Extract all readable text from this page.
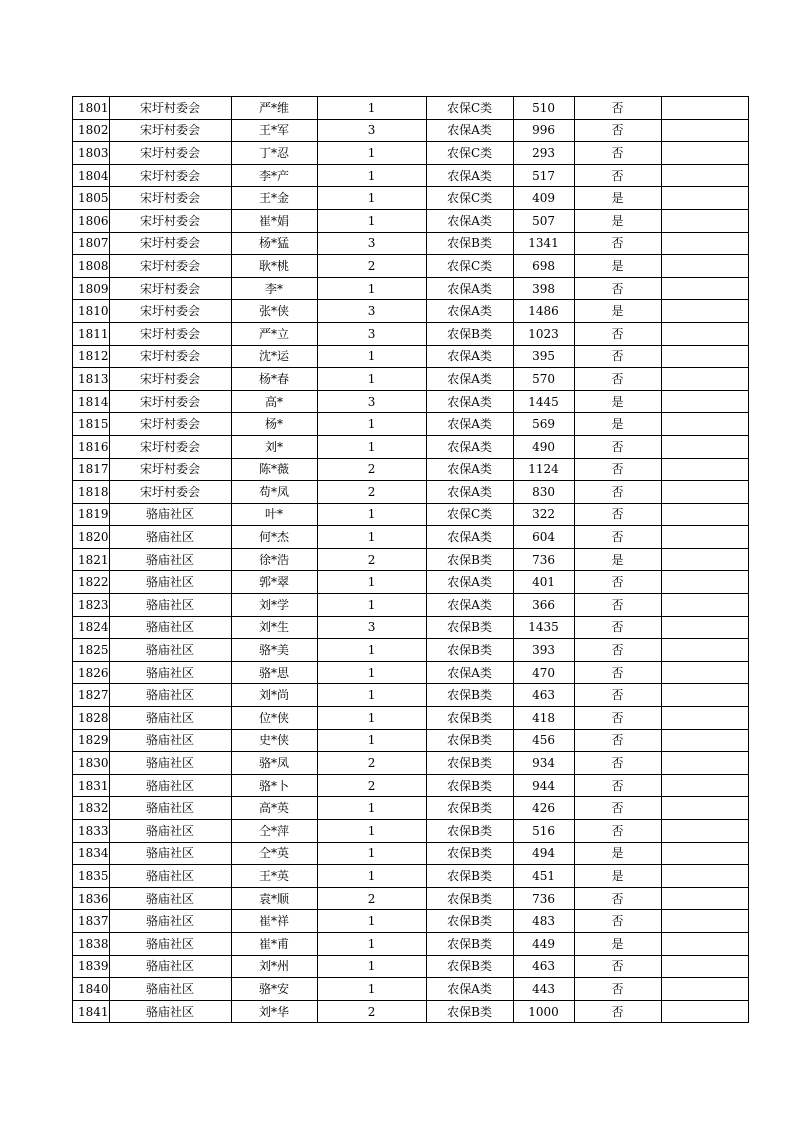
1801	宋圩村委会	严*维	1	农保C类	510	否	
1802	宋圩村委会	王*军	3	农保A类	996	否	
1803	宋圩村委会	丁*忍	1	农保C类	293	否	
1804	宋圩村委会	李*产	1	农保A类	517	否	
1805	宋圩村委会	王*金	1	农保C类	409	是	
1806	宋圩村委会	崔*娟	1	农保A类	507	是	
1807	宋圩村委会	杨*猛	3	农保B类	1341	否	
1808	宋圩村委会	耿*桃	2	农保C类	698	是	
1809	宋圩村委会	李*	1	农保A类	398	否	
1810	宋圩村委会	张*侠	3	农保A类	1486	是	
1811	宋圩村委会	严*立	3	农保B类	1023	否	
1812	宋圩村委会	沈*运	1	农保A类	395	否	
1813	宋圩村委会	杨*春	1	农保A类	570	否	
1814	宋圩村委会	高*	3	农保A类	1445	是	
1815	宋圩村委会	杨*	1	农保A类	569	是	
1816	宋圩村委会	刘*	1	农保A类	490	否	
1817	宋圩村委会	陈*薇	2	农保A类	1124	否	
1818	宋圩村委会	苟*凤	2	农保A类	830	否	
1819	骆庙社区	叶*	1	农保C类	322	否	
1820	骆庙社区	何*杰	1	农保A类	604	否	
1821	骆庙社区	徐*浩	2	农保B类	736	是	
1822	骆庙社区	郭*翠	1	农保A类	401	否	
1823	骆庙社区	刘*学	1	农保A类	366	否	
1824	骆庙社区	刘*生	3	农保B类	1435	否	
1825	骆庙社区	骆*美	1	农保B类	393	否	
1826	骆庙社区	骆*思	1	农保A类	470	否	
1827	骆庙社区	刘*尚	1	农保B类	463	否	
1828	骆庙社区	位*侠	1	农保B类	418	否	
1829	骆庙社区	史*侠	1	农保B类	456	否	
1830	骆庙社区	骆*凤	2	农保B类	934	否	
1831	骆庙社区	骆*卜	2	农保B类	944	否	
1832	骆庙社区	高*英	1	农保B类	426	否	
1833	骆庙社区	仝*萍	1	农保B类	516	否	
1834	骆庙社区	仝*英	1	农保B类	494	是	
1835	骆庙社区	王*英	1	农保B类	451	是	
1836	骆庙社区	袁*顺	2	农保B类	736	否	
1837	骆庙社区	崔*祥	1	农保B类	483	否	
1838	骆庙社区	崔*甫	1	农保B类	449	是	
1839	骆庙社区	刘*州	1	农保B类	463	否	
1840	骆庙社区	骆*安	1	农保A类	443	否	
1841	骆庙社区	刘*华	2	农保B类	1000	否	
